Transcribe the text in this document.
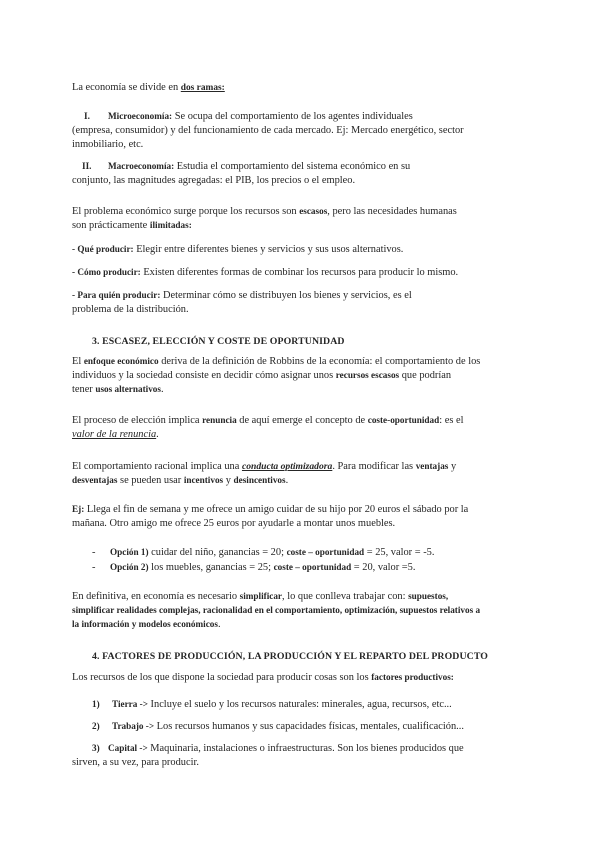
La economía se divide en dos ramas:
I. Microeconomía: Se ocupa del comportamiento de los agentes individuales
(empresa, consumidor) y del funcionamiento de cada mercado. Ej: Mercado energético, sector
inmobiliario, etc.
II. Macroeconomía: Estudia el comportamiento del sistema económico en su
conjunto, las magnitudes agregadas: el PIB, los precios o el empleo.
El problema económico surge porque los recursos son escasos, pero las necesidades humanas
son prácticamente ilimitadas:
- Qué producir: Elegir entre diferentes bienes y servicios y sus usos alternativos.
- Cómo producir: Existen diferentes formas de combinar los recursos para producir lo mismo.
- Para quién producir: Determinar cómo se distribuyen los bienes y servicios, es el
problema de la distribución.
3. ESCASEZ, ELECCIÓN Y COSTE DE OPORTUNIDAD
El enfoque económico deriva de la definición de Robbins de la economía: el comportamiento de los
individuos y la sociedad consiste en decidir cómo asignar unos recursos escasos que podrían
tener usos alternativos.
El proceso de elección implica renuncia de aquí emerge el concepto de coste-oportunidad: es el
valor de la renuncia.
El comportamiento racional implica una conducta optimizadora. Para modificar las ventajas y
desventajas se pueden usar incentivos y desincentivos.
Ej: Llega el fin de semana y me ofrece un amigo cuidar de su hijo por 20 euros el sábado por la
mañana. Otro amigo me ofrece 25 euros por ayudarle a montar unos muebles.
- Opción 1) cuidar del niño, ganancias = 20; coste – oportunidad = 25, valor = -5.
- Opción 2) los muebles, ganancias = 25; coste – oportunidad = 20, valor =5.
En definitiva, en economía es necesario simplificar, lo que conlleva trabajar con: supuestos,
simplificar realidades complejas, racionalidad en el comportamiento, optimización, supuestos relativos a
la información y modelos económicos.
4. FACTORES DE PRODUCCIÓN, LA PRODUCCIÓN Y EL REPARTO DEL PRODUCTO
Los recursos de los que dispone la sociedad para producir cosas son los factores productivos:
1) Tierra -> Incluye el suelo y los recursos naturales: minerales, agua, recursos, etc...
2) Trabajo -> Los recursos humanos y sus capacidades físicas, mentales, cualificación...
3) Capital -> Maquinaria, instalaciones o infraestructuras. Son los bienes producidos que
sirven, a su vez, para producir.
